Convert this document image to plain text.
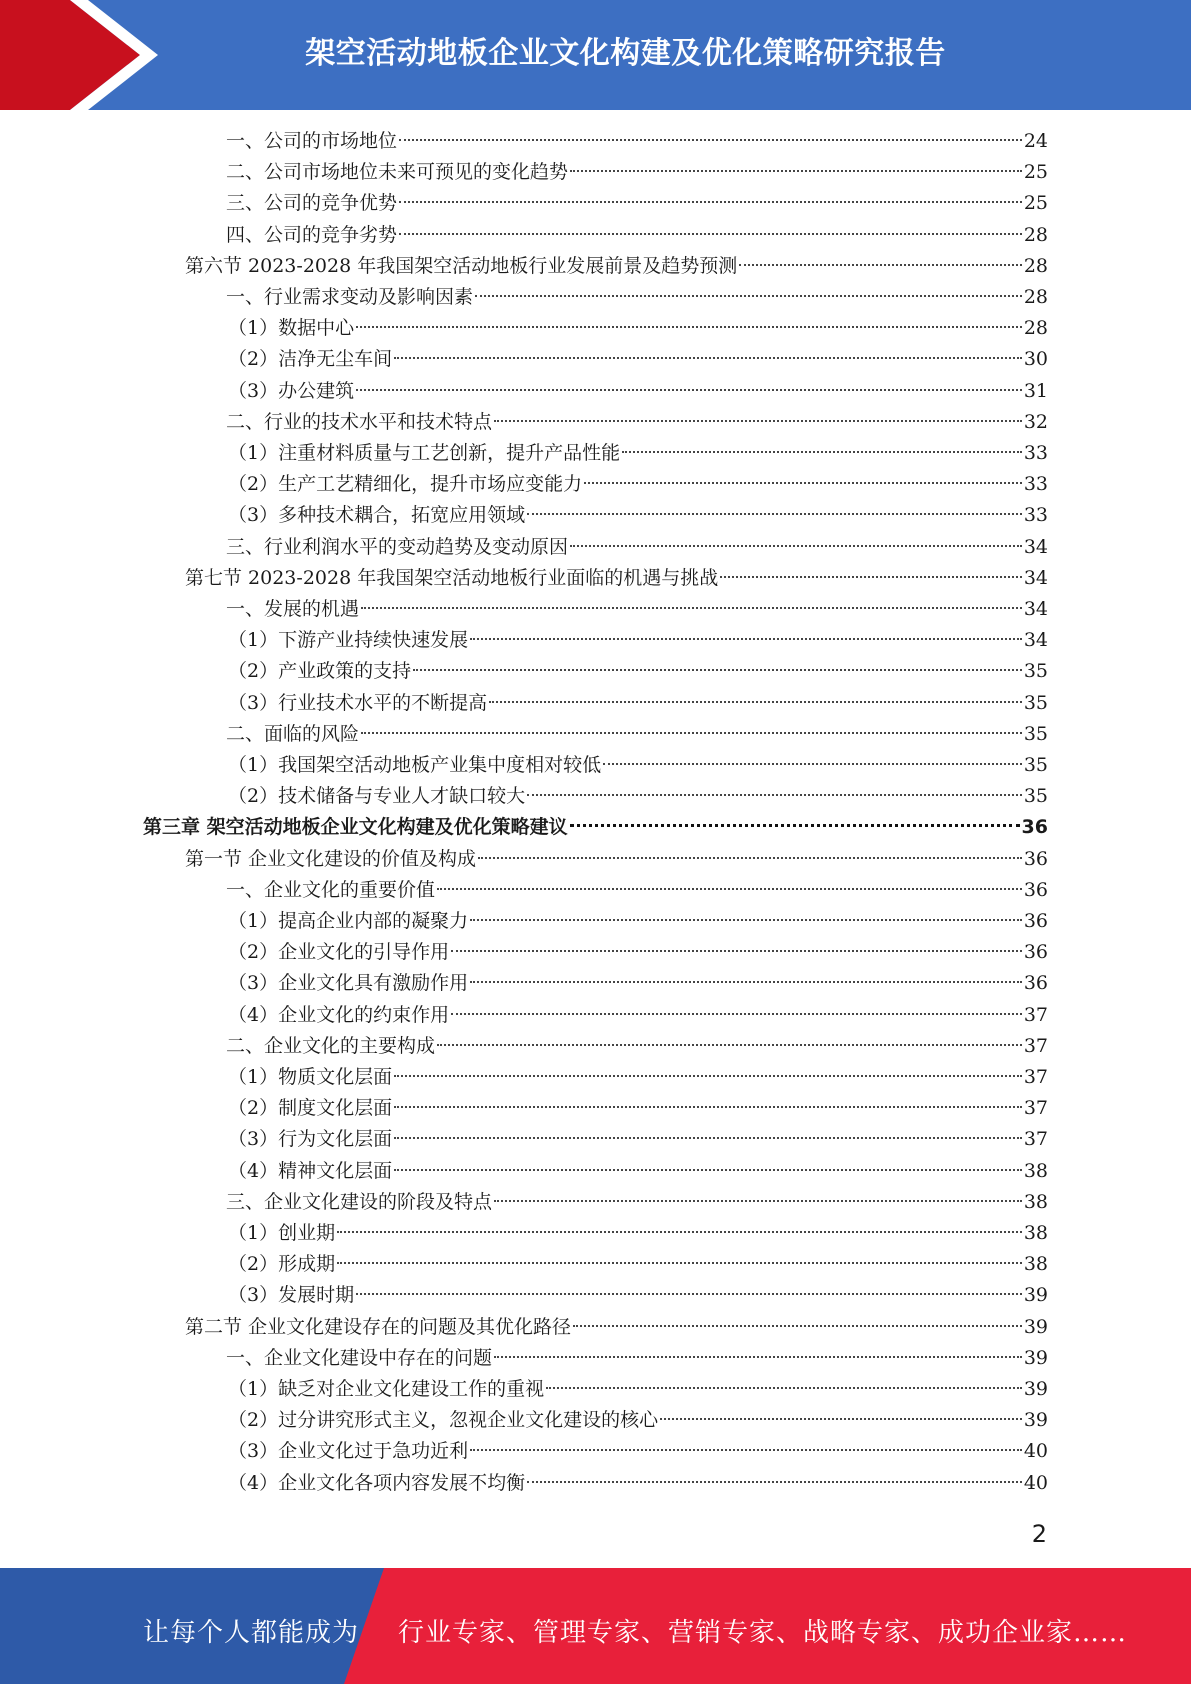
架空活动地板企业文化构建及优化策略研究报告
一、公司的市场地位	24
二、公司市场地位未来可预见的变化趋势	25
三、公司的竞争优势	25
四、公司的竞争劣势	28
第六节 2023-2028 年我国架空活动地板行业发展前景及趋势预测	28
一、行业需求变动及影响因素	28
（1）数据中心	28
（2）洁净无尘车间	30
（3）办公建筑	31
二、行业的技术水平和技术特点	32
（1）注重材料质量与工艺创新，提升产品性能	33
（2）生产工艺精细化，提升市场应变能力	33
（3）多种技术耦合，拓宽应用领域	33
三、行业利润水平的变动趋势及变动原因	34
第七节 2023-2028 年我国架空活动地板行业面临的机遇与挑战	34
一、发展的机遇	34
（1）下游产业持续快速发展	34
（2）产业政策的支持	35
（3）行业技术水平的不断提高	35
二、面临的风险	35
（1）我国架空活动地板产业集中度相对较低	35
（2）技术储备与专业人才缺口较大	35
第三章 架空活动地板企业文化构建及优化策略建议	36
第一节 企业文化建设的价值及构成	36
一、企业文化的重要价值	36
（1）提高企业内部的凝聚力	36
（2）企业文化的引导作用	36
（3）企业文化具有激励作用	36
（4）企业文化的约束作用	37
二、企业文化的主要构成	37
（1）物质文化层面	37
（2）制度文化层面	37
（3）行为文化层面	37
（4）精神文化层面	38
三、企业文化建设的阶段及特点	38
（1）创业期	38
（2）形成期	38
（3）发展时期	39
第二节 企业文化建设存在的问题及其优化路径	39
一、企业文化建设中存在的问题	39
（1）缺乏对企业文化建设工作的重视	39
（2）过分讲究形式主义，忽视企业文化建设的核心	39
（3）企业文化过于急功近利	40
（4）企业文化各项内容发展不均衡	40
2
让每个人都能成为 行业专家、管理专家、营销专家、战略专家、成功企业家……
